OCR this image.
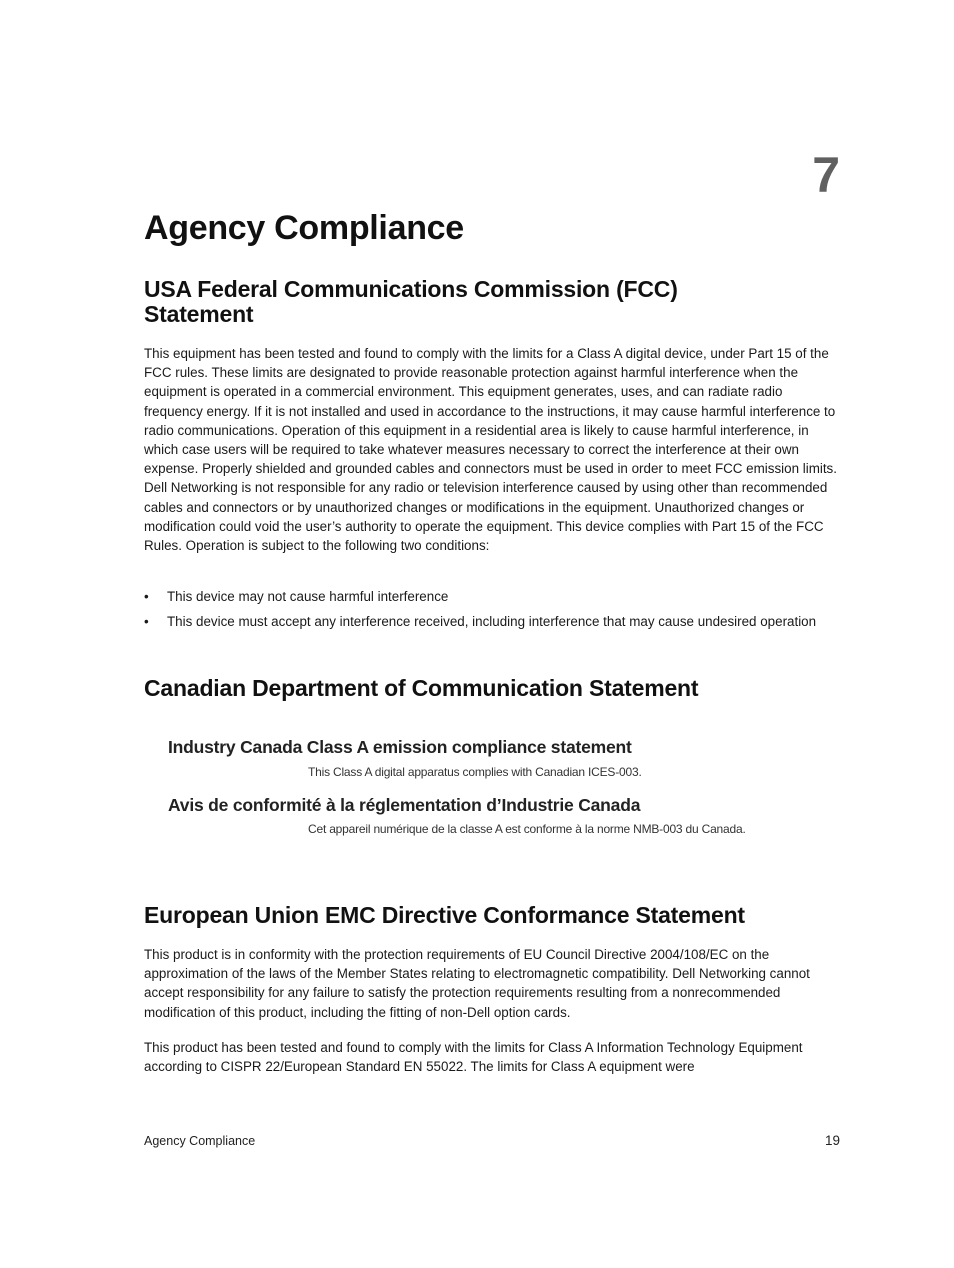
7
Agency Compliance
USA Federal Communications Commission (FCC)
Statement

This equipment has been tested and found to comply with the limits for a Class A digital device, under Part 15 of the FCC rules. These limits are designated to provide reasonable protection against harmful interference when the equipment is operated in a commercial environment. This equipment generates, uses, and can radiate radio frequency energy. If it is not installed and used in accordance to the instructions, it may cause harmful interference to radio communications. Operation of this equipment in a residential area is likely to cause harmful interference, in which case users will be required to take whatever measures necessary to correct the interference at their own expense. Properly shielded and grounded cables and connectors must be used in order to meet FCC emission limits. Dell Networking is not responsible for any radio or television interference caused by using other than recommended cables and connectors or by unauthorized changes or modifications in the equipment. Unauthorized changes or modification could void the user’s authority to operate the equipment. This device complies with Part 15 of the FCC Rules. Operation is subject to the following two conditions:

• This device may not cause harmful interference
• This device must accept any interference received, including interference that may cause undesired operation
Canadian Department of Communication Statement

Industry Canada Class A emission compliance statement

This Class A digital apparatus complies with Canadian ICES-003.

Avis de conformité à la réglementation d’Industrie Canada

Cet appareil numérique de la classe A est conforme à la norme NMB-003 du Canada.

European Union EMC Directive Conformance Statement

This product is in conformity with the protection requirements of EU Council Directive 2004/108/EC on the approximation of the laws of the Member States relating to electromagnetic compatibility. Dell Networking cannot accept responsibility for any failure to satisfy the protection requirements resulting from a nonrecommended modification of this product, including the fitting of non-Dell option cards.

This product has been tested and found to comply with the limits for Class A Information Technology Equipment according to CISPR 22/European Standard EN 55022. The limits for Class A equipment were

Agency Compliance	19
